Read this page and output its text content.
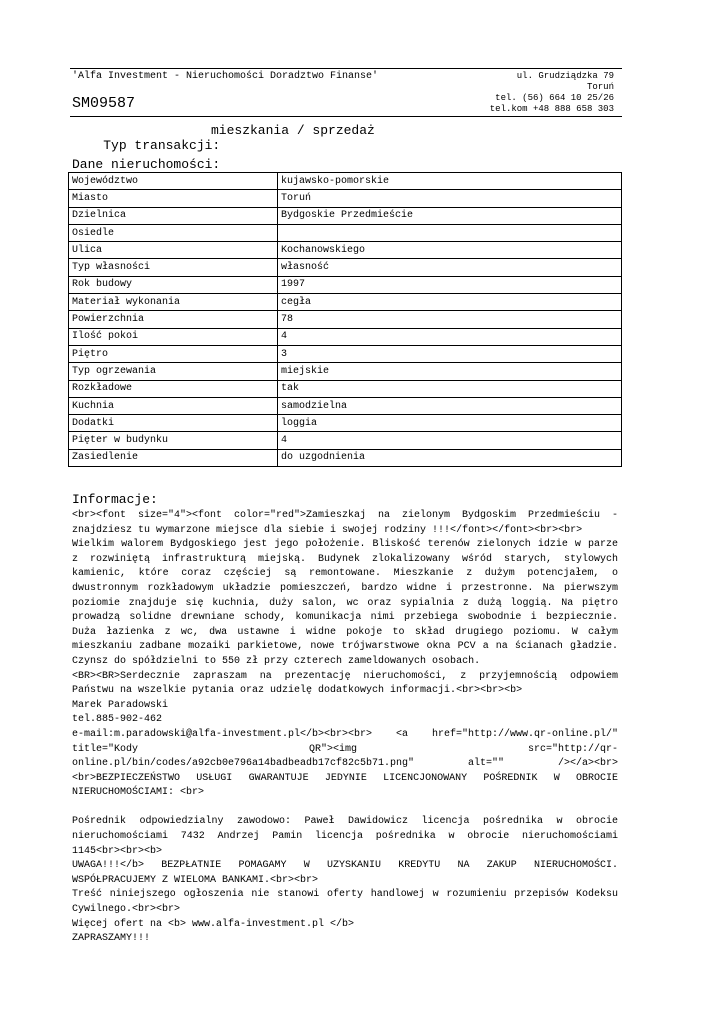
'Alfa Investment - Nieruchomości Doradztwo Finanse'
SM09587
ul. Grudziądzka 79
Toruń
tel. (56) 664 10 25/26
tel.kom +48 888 658 303

Typ transakcji:

mieszkania / sprzedaż

Dane nieruchomości:
Województwo	kujawsko-pomorskie
Miasto	Toruń
Dzielnica	Bydgoskie Przedmieście
Osiedle	
Ulica	Kochanowskiego
Typ własności	własność
Rok budowy	1997
Materiał wykonania	cegła
Powierzchnia	78
Ilość pokoi	4
Piętro	3
Typ ogrzewania	miejskie
Rozkładowe	tak
Kuchnia	samodzielna
Dodatki	loggia
Pięter w budynku	4
Zasiedlenie	do uzgodnienia
Informacje:

<br><font size="4"><font color="red">Zamieszkaj na zielonym Bydgoskim Przedmieściu - znajdziesz tu wymarzone miejsce dla siebie i swojej rodziny !!!</font></font><br><br>

Wielkim walorem Bydgoskiego jest jego położenie. Bliskość terenów zielonych idzie w parze z rozwiniętą infrastrukturą miejską. Budynek zlokalizowany wśród starych, stylowych kamienic, które coraz częściej są remontowane. Mieszkanie z dużym potencjałem, o dwustronnym rozkładowym układzie pomieszczeń, bardzo widne i przestronne. Na pierwszym poziomie znajduje się kuchnia, duży salon, wc oraz sypialnia z dużą loggią. Na piętro prowadzą solidne drewniane schody, komunikacja nimi przebiega swobodnie i bezpiecznie. Duża łazienka z wc, dwa ustawne i widne pokoje to skład drugiego poziomu. W całym mieszkaniu zadbane mozaiki parkietowe, nowe trójwarstwowe okna PCV a na ścianach gładzie. Czynsz do spółdzielni to 550 zł przy czterech zameldowanych osobach.

<BR><BR>Serdecznie zapraszam na prezentację nieruchomości, z przyjemnością odpowiem Państwu na wszelkie pytania oraz udzielę dodatkowych informacji.<br><br><b>

Marek Paradowski

tel.885-902-462

e-mail:m.paradowski@alfa-investment.pl</b><br><br> <a href="http://www.qr-online.pl/" title="Kody QR"><img src="http://qr-online.pl/bin/codes/a92cb0e796a14badbeadb17cf82c5b71.png" alt="" /></a><br><br>BEZPIECZEŃSTWO USŁUGI GWARANTUJE JEDYNIE LICENCJONOWANY POŚREDNIK W OBROCIE NIERUCHOMOŚCIAMI: <br>

Pośrednik odpowiedzialny zawodowo: Paweł Dawidowicz licencja pośrednika w obrocie nieruchomościami 7432 Andrzej Pamin licencja pośrednika w obrocie nieruchomościami 1145<br><br><b>

UWAGA!!!</b> BEZPŁATNIE POMAGAMY W UZYSKANIU KREDYTU NA ZAKUP NIERUCHOMOŚCI. WSPÓŁPRACUJEMY Z WIELOMA BANKAMI.<br><br>

Treść niniejszego ogłoszenia nie stanowi oferty handlowej w rozumieniu przepisów Kodeksu Cywilnego.<br><br>

Więcej ofert na <b> www.alfa-investment.pl </b>

ZAPRASZAMY!!!
